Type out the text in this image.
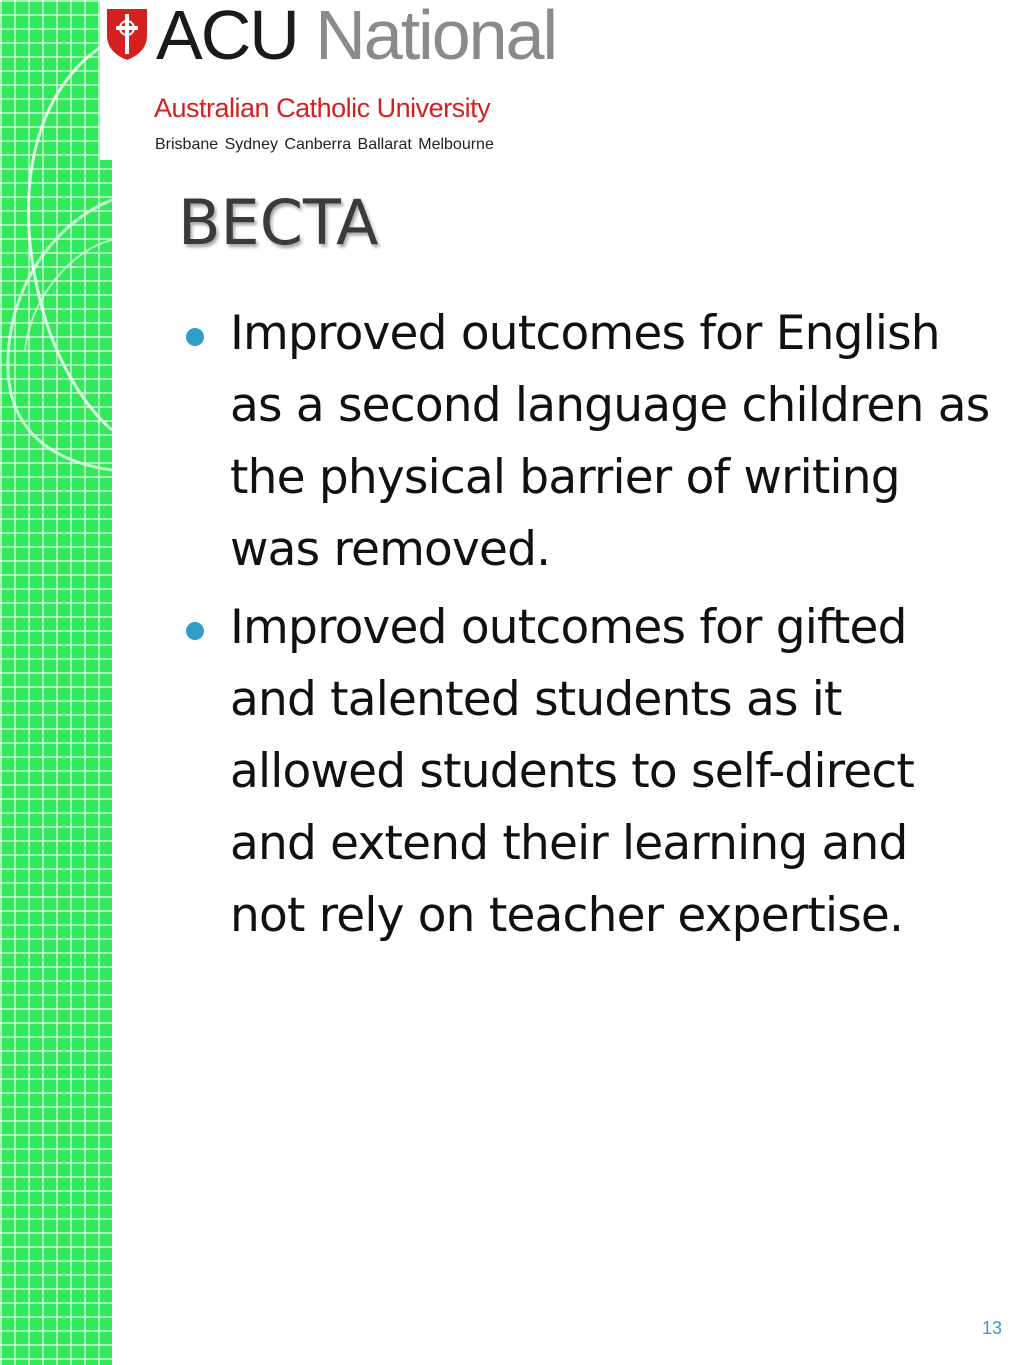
ACU National
Australian Catholic University
Brisbane Sydney Canberra Ballarat Melbourne
BECTA
Improved outcomes for English as a second language children as the physical barrier of writing was removed.
Improved outcomes for gifted and talented students as it allowed students to self-direct and extend their learning and not rely on teacher expertise.
13
